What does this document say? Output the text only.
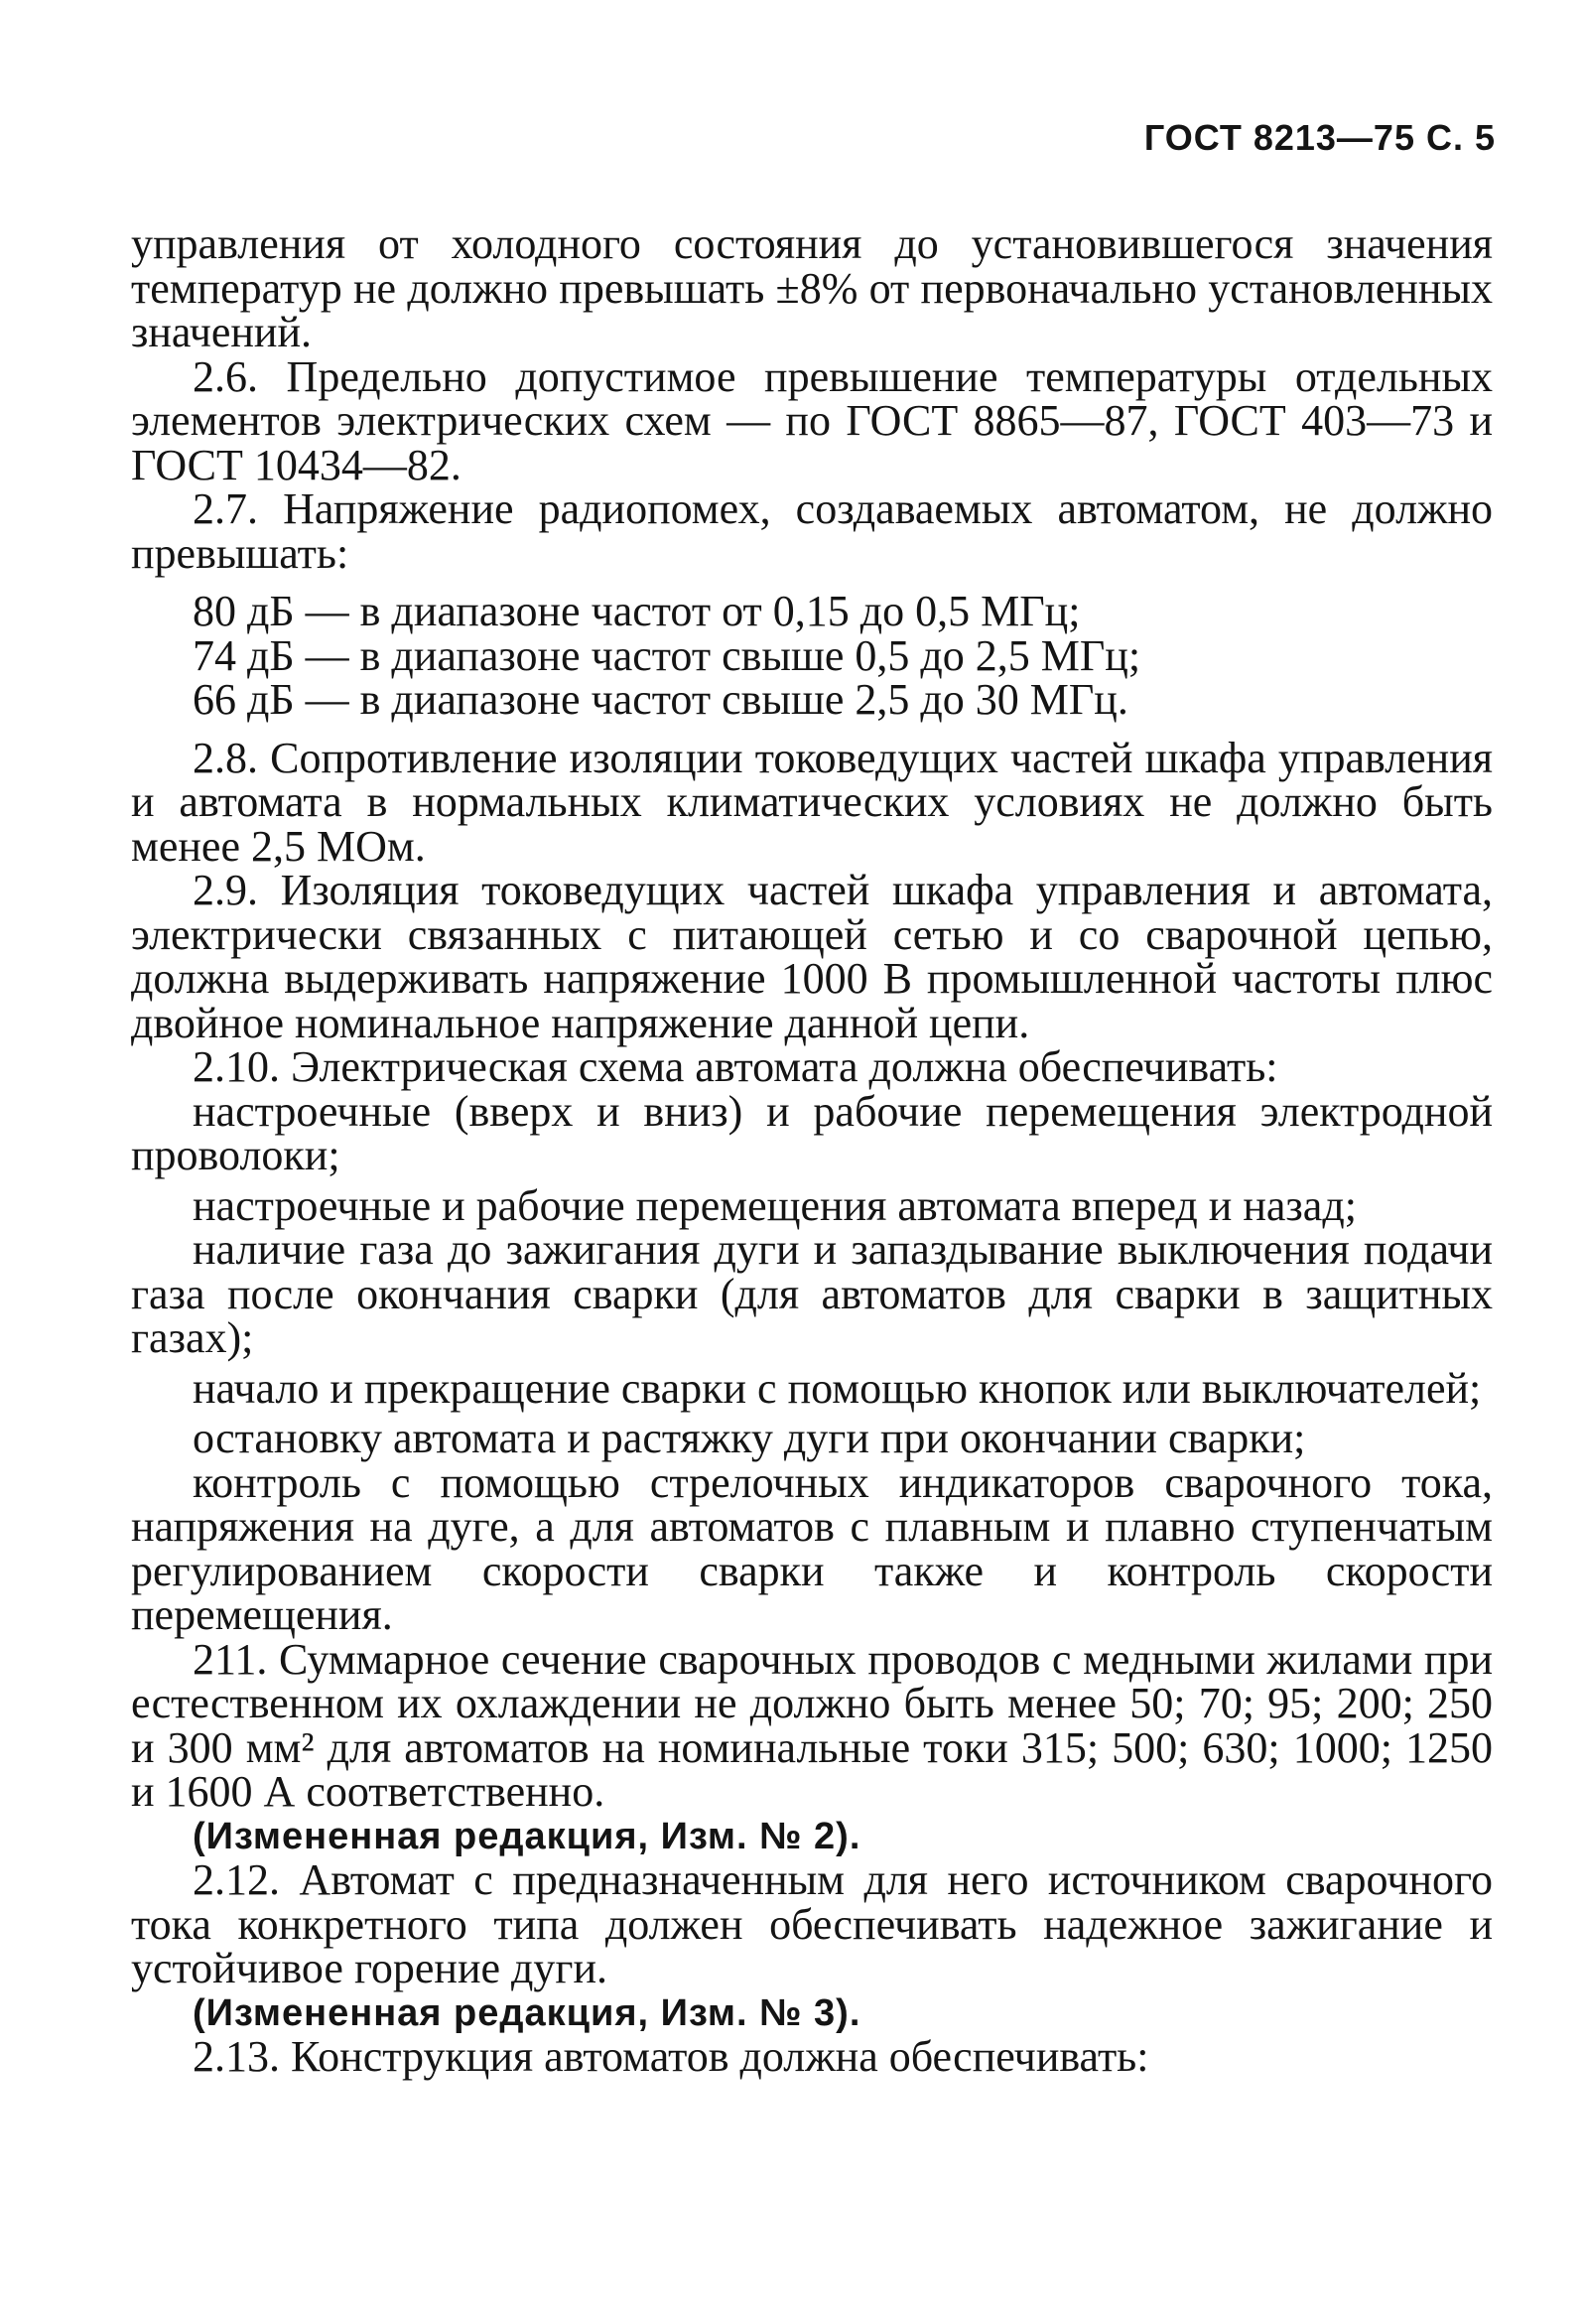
ГОСТ 8213—75 С. 5

управления от холодного состояния до установившегося значения температур не должно превышать ±8% от первоначально установленных значений.

2.6. Предельно допустимое превышение температуры отдельных элементов электрических схем — по ГОСТ 8865—87, ГОСТ 403—73 и ГОСТ 10434—82.

2.7. Напряжение радиопомех, создаваемых автоматом, не должно превышать:

80 дБ — в диапазоне частот от 0,15 до 0,5 МГц;

74 дБ — в диапазоне частот свыше 0,5 до 2,5 МГц;

66 дБ — в диапазоне частот свыше 2,5 до 30 МГц.

2.8. Сопротивление изоляции токоведущих частей шкафа управления и автомата в нормальных климатических условиях не должно быть менее 2,5 МОм.

2.9. Изоляция токоведущих частей шкафа управления и автомата, электрически связанных с питающей сетью и со сварочной цепью, должна выдерживать напряжение 1000 В промышленной частоты плюс двойное номинальное напряжение данной цепи.

2.10. Электрическая схема автомата должна обеспечивать:

настроечные (вверх и вниз) и рабочие перемещения электродной проволоки;

настроечные и рабочие перемещения автомата вперед и назад;

наличие газа до зажигания дуги и запаздывание выключения подачи газа после окончания сварки (для автоматов для сварки в защитных газах);

начало и прекращение сварки с помощью кнопок или выключателей;

остановку автомата и растяжку дуги при окончании сварки;

контроль с помощью стрелочных индикаторов сварочного тока, напряжения на дуге, а для автоматов с плавным и плавно ступенчатым регулированием скорости сварки также и контроль скорости перемещения.

211. Суммарное сечение сварочных проводов с медными жилами при естественном их охлаждении не должно быть менее 50; 70; 95; 200; 250 и 300 мм² для автоматов на номинальные токи 315; 500; 630; 1000; 1250 и 1600 А соответственно.

(Измененная редакция, Изм. № 2).

2.12. Автомат с предназначенным для него источником сварочного тока конкретного типа должен обеспечивать надежное зажигание и устойчивое горение дуги.

(Измененная редакция, Изм. № 3).

2.13. Конструкция автоматов должна обеспечивать:
